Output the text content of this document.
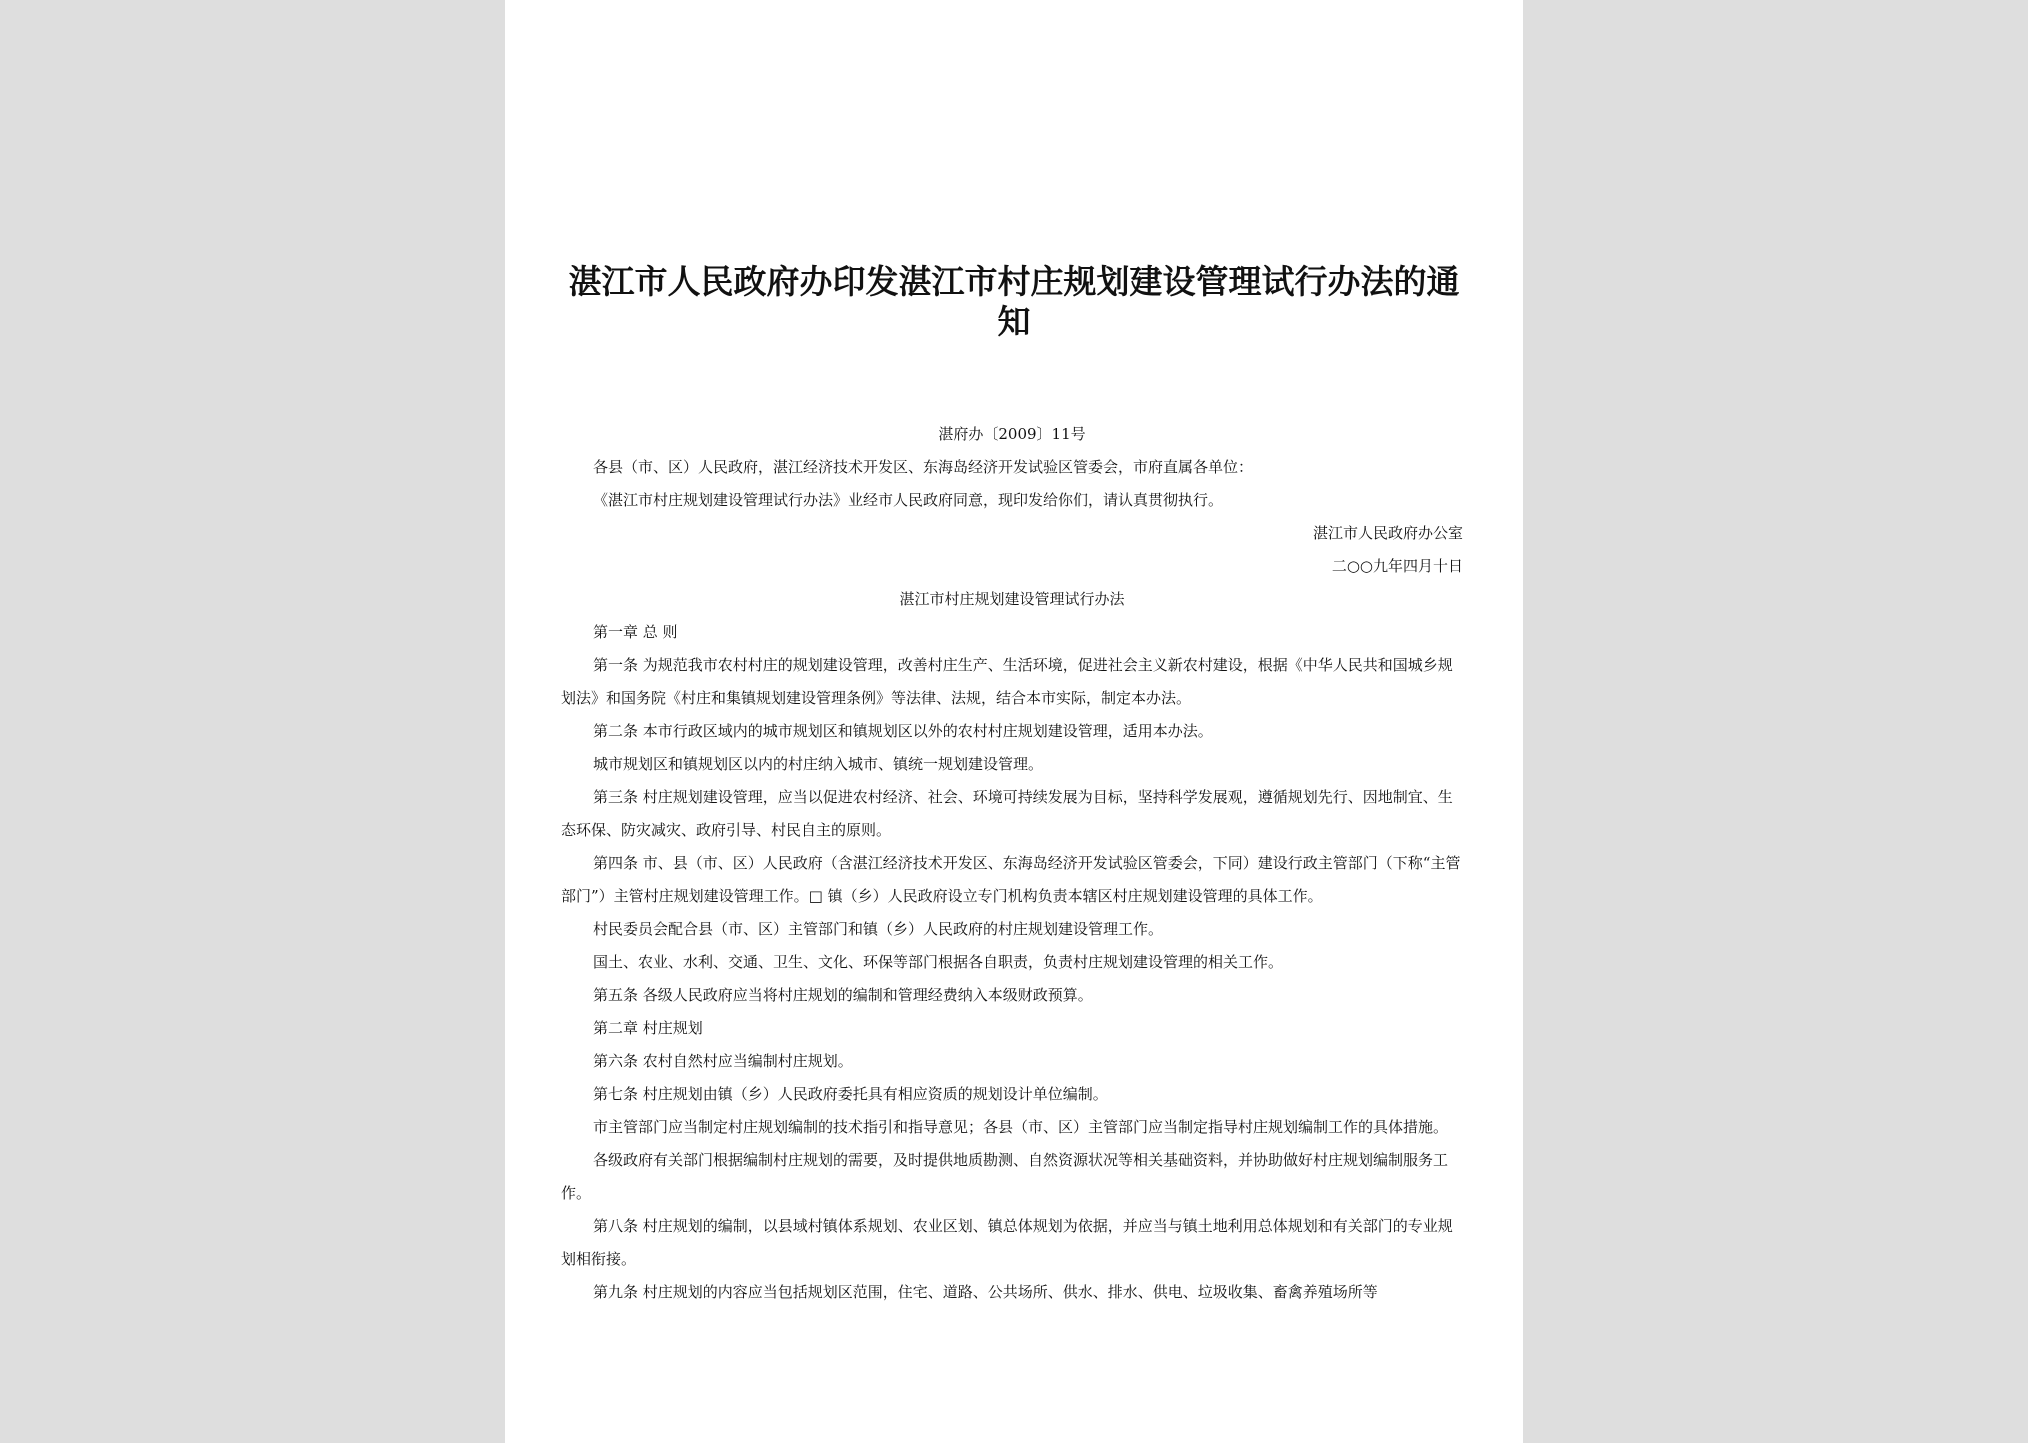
湛江市人民政府办印发湛江市村庄规划建设管理试行办法的通知

湛府办〔2009〕11号

各县（市、区）人民政府，湛江经济技术开发区、东海岛经济开发试验区管委会，市府直属各单位：

《湛江市村庄规划建设管理试行办法》业经市人民政府同意，现印发给你们，请认真贯彻执行。

湛江市人民政府办公室

二○○九年四月十日

湛江市村庄规划建设管理试行办法

第一章 总 则

第一条 为规范我市农村村庄的规划建设管理，改善村庄生产、生活环境，促进社会主义新农村建设，根据《中华人民共和国城乡规划法》和国务院《村庄和集镇规划建设管理条例》等法律、法规，结合本市实际，制定本办法。

第二条 本市行政区域内的城市规划区和镇规划区以外的农村村庄规划建设管理，适用本办法。

城市规划区和镇规划区以内的村庄纳入城市、镇统一规划建设管理。

第三条 村庄规划建设管理，应当以促进农村经济、社会、环境可持续发展为目标，坚持科学发展观，遵循规划先行、因地制宜、生态环保、防灾减灾、政府引导、村民自主的原则。

第四条 市、县（市、区）人民政府（含湛江经济技术开发区、东海岛经济开发试验区管委会，下同）建设行政主管部门（下称“主管部门”）主管村庄规划建设管理工作。□ 镇（乡）人民政府设立专门机构负责本辖区村庄规划建设管理的具体工作。

村民委员会配合县（市、区）主管部门和镇（乡）人民政府的村庄规划建设管理工作。

国土、农业、水利、交通、卫生、文化、环保等部门根据各自职责，负责村庄规划建设管理的相关工作。

第五条 各级人民政府应当将村庄规划的编制和管理经费纳入本级财政预算。

第二章 村庄规划

第六条 农村自然村应当编制村庄规划。

第七条 村庄规划由镇（乡）人民政府委托具有相应资质的规划设计单位编制。

市主管部门应当制定村庄规划编制的技术指引和指导意见；各县（市、区）主管部门应当制定指导村庄规划编制工作的具体措施。

各级政府有关部门根据编制村庄规划的需要，及时提供地质勘测、自然资源状况等相关基础资料，并协助做好村庄规划编制服务工作。

第八条 村庄规划的编制，以县域村镇体系规划、农业区划、镇总体规划为依据，并应当与镇土地利用总体规划和有关部门的专业规划相衔接。

第九条 村庄规划的内容应当包括规划区范围，住宅、道路、公共场所、供水、排水、供电、垃圾收集、畜禽养殖场所等
